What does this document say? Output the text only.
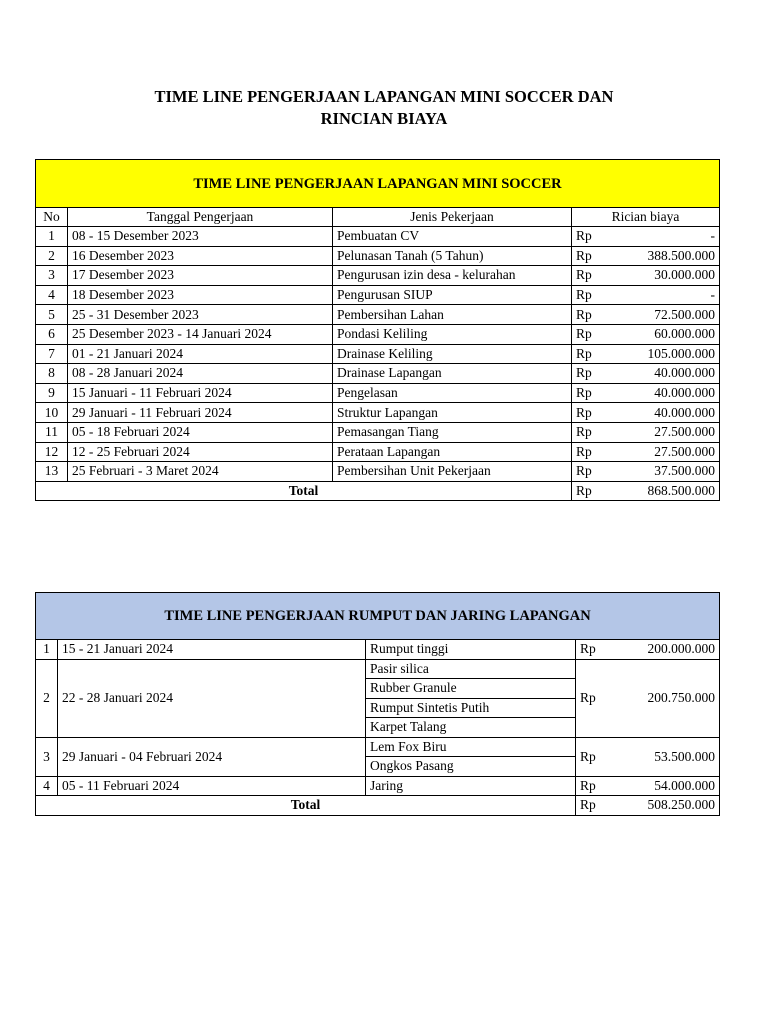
TIME LINE PENGERJAAN LAPANGAN MINI SOCCER DAN
RINCIAN BIAYA
TIME LINE PENGERJAAN LAPANGAN MINI SOCCER			
No	Tanggal Pengerjaan	Jenis Pekerjaan	Rician biaya
1	08 - 15 Desember 2023	Pembuatan CV	Rp -

2	16 Desember 2023	Pelunasan Tanah (5 Tahun)	Rp 388.500.000

3	17 Desember 2023	Pengurusan izin desa - kelurahan	Rp 30.000.000

4	18 Desember 2023	Pengurusan SIUP	Rp -

5	25 - 31 Desember 2023	Pembersihan Lahan	Rp 72.500.000

6	25 Desember 2023 - 14 Januari 2024	Pondasi Keliling	Rp 60.000.000

7	01 - 21 Januari 2024	Drainase Keliling	Rp 105.000.000

8	08 - 28 Januari 2024	Drainase Lapangan	Rp 40.000.000

9	15 Januari - 11 Februari 2024	Pengelasan	Rp 40.000.000

10	29 Januari - 11 Februari 2024	Struktur Lapangan	Rp 40.000.000

11	05 - 18 Februari 2024	Pemasangan Tiang	Rp 27.500.000

12	12 - 25 Februari 2024	Perataan Lapangan	Rp 27.500.000

13	25 Februari - 3 Maret 2024	Pembersihan Unit Pekerjaan	Rp 37.500.000

Total			Rp 868.500.000
TIME LINE PENGERJAAN RUMPUT DAN JARING LAPANGAN			
1	15 - 21 Januari 2024	Rumput tinggi	Rp 200.000.000

2	22 - 28 Januari 2024	Pasir silica	Rp 200.750.000

		Rubber Granule	
		Rumput Sintetis Putih	
		Karpet Talang	
3	29 Januari - 04 Februari 2024	Lem Fox Biru	Rp 53.500.000

		Ongkos Pasang	
4	05 - 11 Februari 2024	Jaring	Rp 54.000.000

Total			Rp 508.250.000
